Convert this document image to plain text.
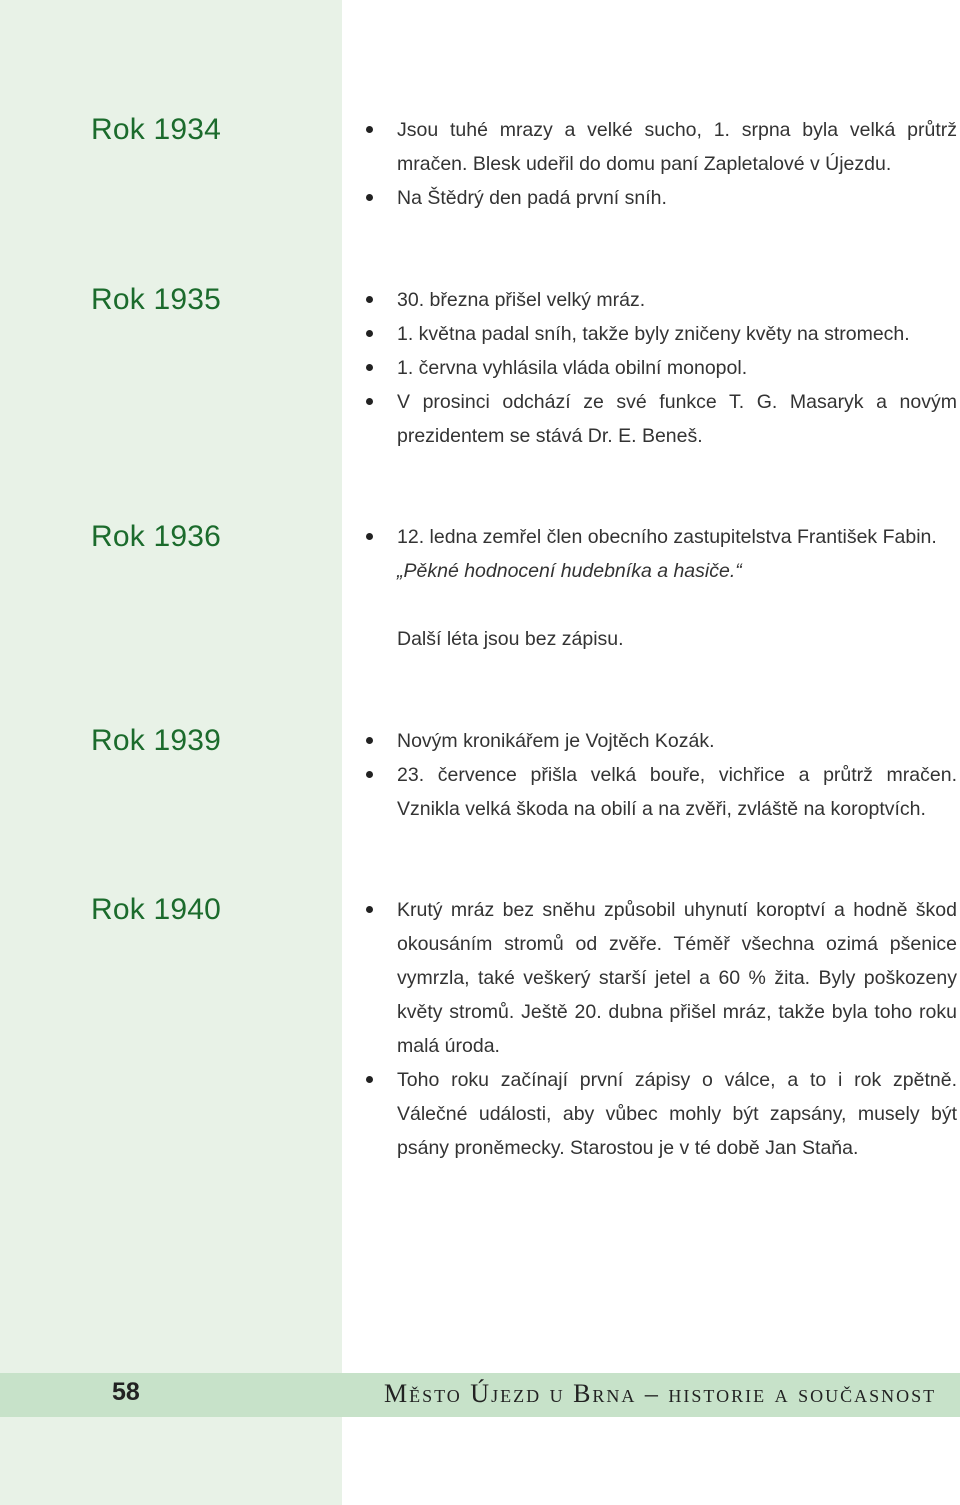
Rok 1934	Jsou tuhé mrazy a velké sucho, 1. srpna byla velká průtrž mračen. Blesk udeřil do domu paní Zapletalové v Újezdu.
Na Štědrý den padá první sníh.
Rok 1935	30. března přišel velký mráz.
1. května padal sníh, takže byly zničeny květy na stromech.
1. června vyhlásila vláda obilní monopol.
V prosinci odchází ze své funkce T. G. Masaryk a novým prezidentem se stává Dr. E. Beneš.
Rok 1936	12. ledna zemřel člen obecního zastupitelstva František Fabin.
„Pěkné hodnocení hudebníka a hasiče.“
Další léta jsou bez zápisu.
Rok 1939	Novým kronikářem je Vojtěch Kozák.
23. července přišla velká bouře, vichřice a průtrž mračen. Vznikla velká škoda na obilí a na zvěři, zvláště na koroptvích.
Rok 1940	Krutý mráz bez sněhu způsobil uhynutí koroptví a hodně škod okousáním stromů od zvěře. Téměř všechna ozimá pšenice vymrzla, také veškerý starší jetel a 60 % žita. Byly poškozeny květy stromů. Ještě 20. dubna přišel mráz, takže byla toho roku malá úroda.
Toho roku začínají první zápisy o válce, a to i rok zpětně. Válečné události, aby vůbec mohly být zapsány, musely být psány proněmecky. Starostou je v té době Jan Staňa.
58	Město Újezd u Brna – historie a současnost
